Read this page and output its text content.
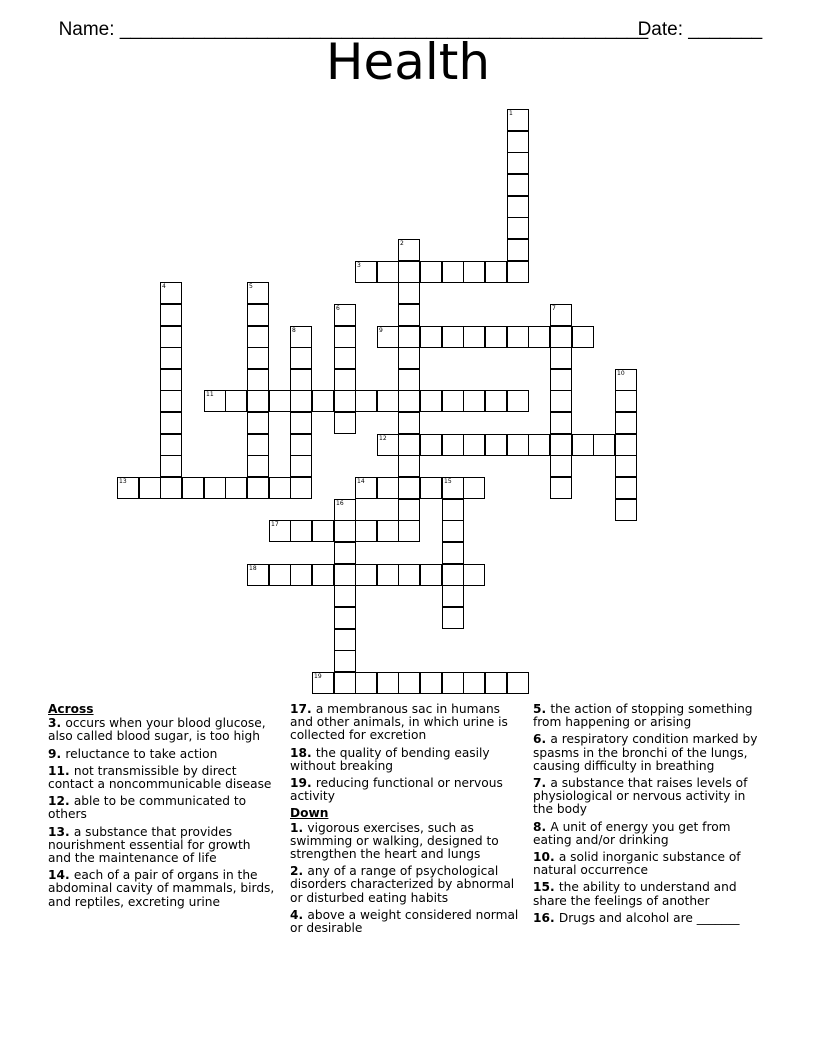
Name: __________________________________________________

Date: _______

Health
1
2
3
4	5
6	7
8	9
10
11
12
13	14	15
16
17
18
19
Across
3. occurs when your blood glucose, also called blood sugar, is too high
9. reluctance to take action
11. not transmissible by direct contact a noncommunicable disease
12. able to be communicated to others
13. a substance that provides nourishment essential for growth and the maintenance of life
14. each of a pair of organs in the abdominal cavity of mammals, birds, and reptiles, excreting urine
17. a membranous sac in humans and other animals, in which urine is collected for excretion
18. the quality of bending easily without breaking
19. reducing functional or nervous activity
Down
1. vigorous exercises, such as swimming or walking, designed to strengthen the heart and lungs
2. any of a range of psychological disorders characterized by abnormal or disturbed eating habits
4. above a weight considered normal or desirable
5. the action of stopping something from happening or arising
6. a respiratory condition marked by spasms in the bronchi of the lungs, causing difficulty in breathing
7. a substance that raises levels of physiological or nervous activity in the body
8. A unit of energy you get from eating and/or drinking
10. a solid inorganic substance of natural occurrence
15. the ability to understand and share the feelings of another
16. Drugs and alcohol are _______
